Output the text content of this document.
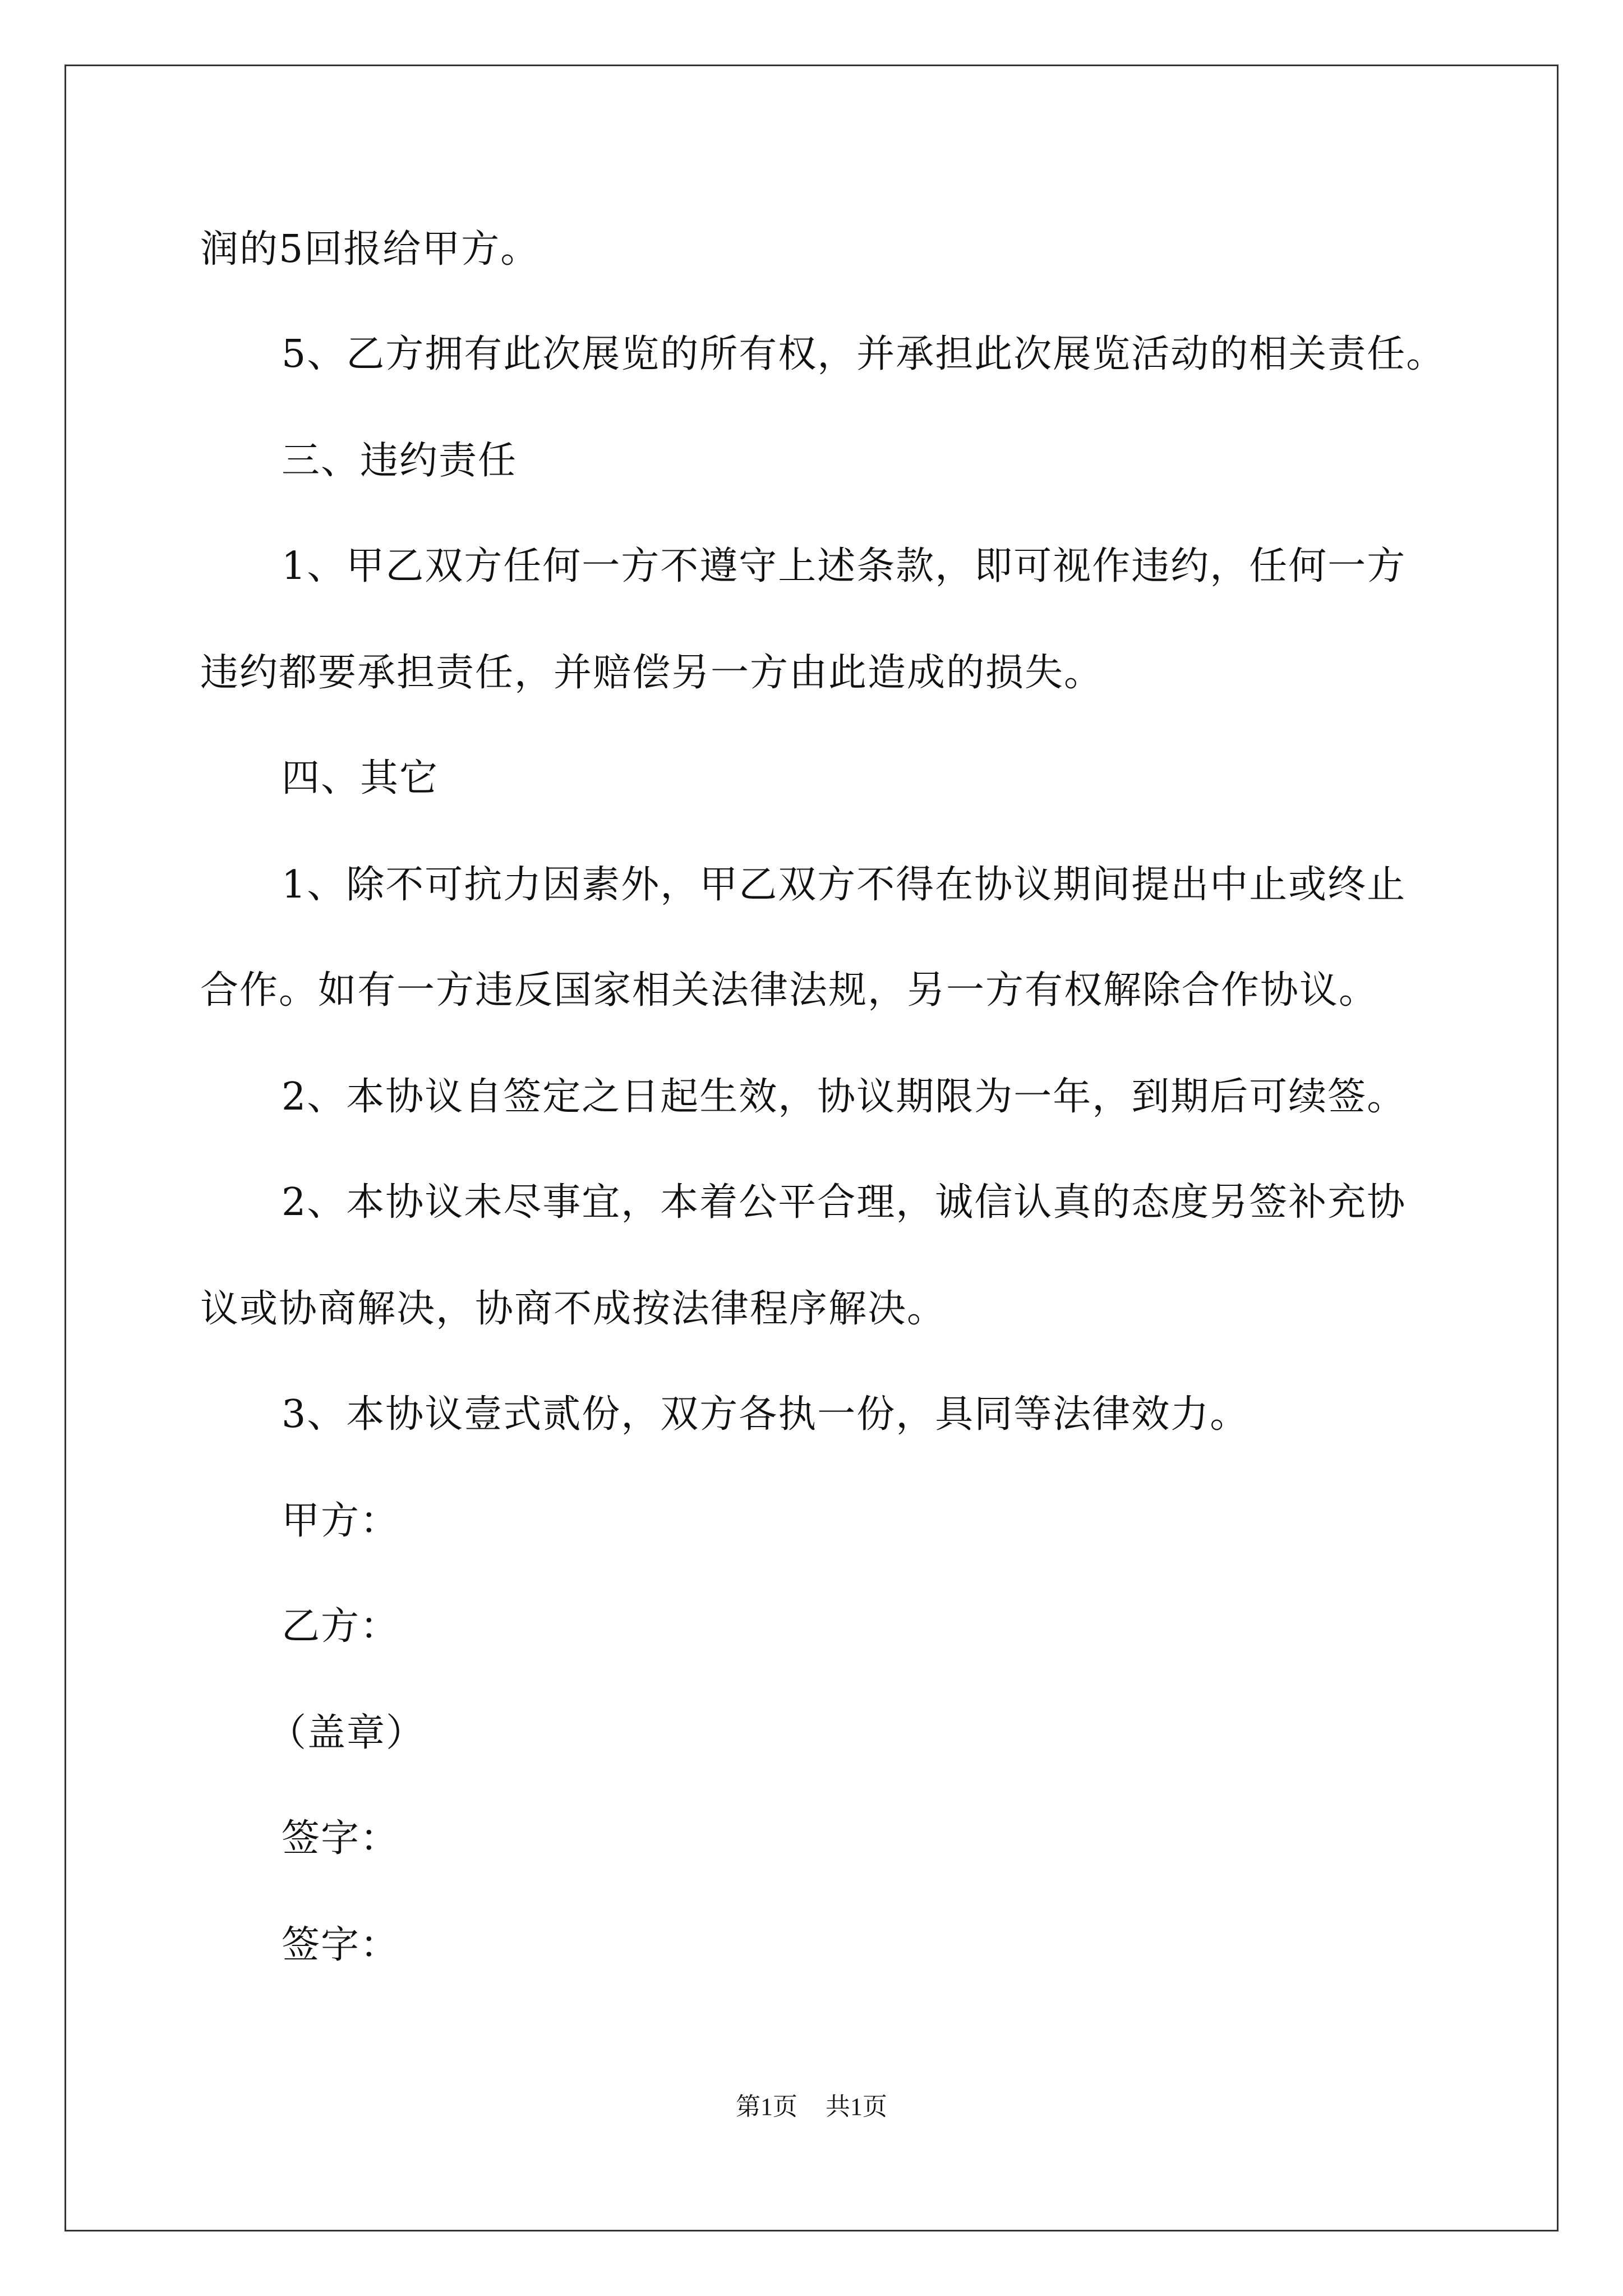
润的5回报给甲方。
5、乙方拥有此次展览的所有权，并承担此次展览活动的相关责任。
三、违约责任
1、甲乙双方任何一方不遵守上述条款，即可视作违约，任何一方
违约都要承担责任，并赔偿另一方由此造成的损失。
四、其它
1、除不可抗力因素外，甲乙双方不得在协议期间提出中止或终止
合作。如有一方违反国家相关法律法规，另一方有权解除合作协议。
2、本协议自签定之日起生效，协议期限为一年，到期后可续签。
2、本协议未尽事宜，本着公平合理，诚信认真的态度另签补充协
议或协商解决，协商不成按法律程序解决。
3、本协议壹式贰份，双方各执一份，具同等法律效力。
甲方：
乙方：
（盖章）
签字：
签字：
第1页 共1页
